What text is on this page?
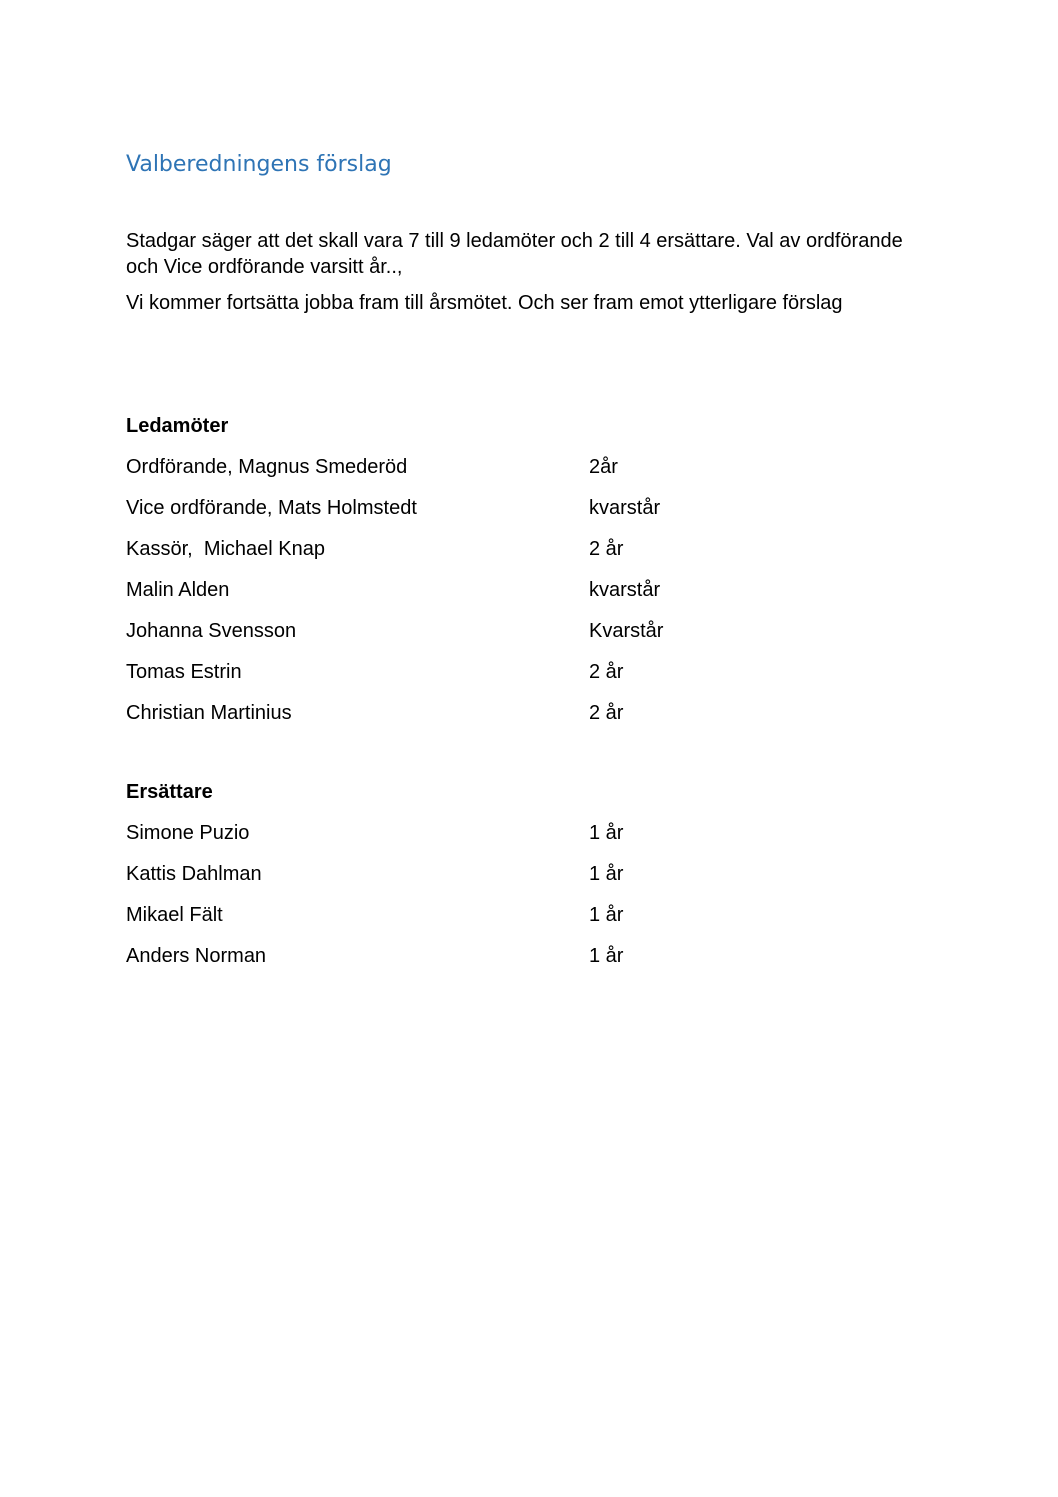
Valberedningens förslag

Stadgar säger att det skall vara 7 till 9 ledamöter och 2 till 4 ersättare. Val av ordförande och Vice ordförande varsitt år..,

Vi kommer fortsätta jobba fram till årsmötet. Och ser fram emot ytterligare förslag

Ledamöter

Ordförande, Magnus Smederöd

	2år

Vice ordförande, Mats Holmstedt

	kvarstår

Kassör,  Michael Knap

	2 år

Malin Alden

	kvarstår

Johanna Svensson

	Kvarstår

Tomas Estrin

	2 år

Christian Martinius

	2 år

Ersättare

Simone Puzio

	1 år

Kattis Dahlman

	1 år

Mikael Fält

	1 år

Anders Norman

	1 år
